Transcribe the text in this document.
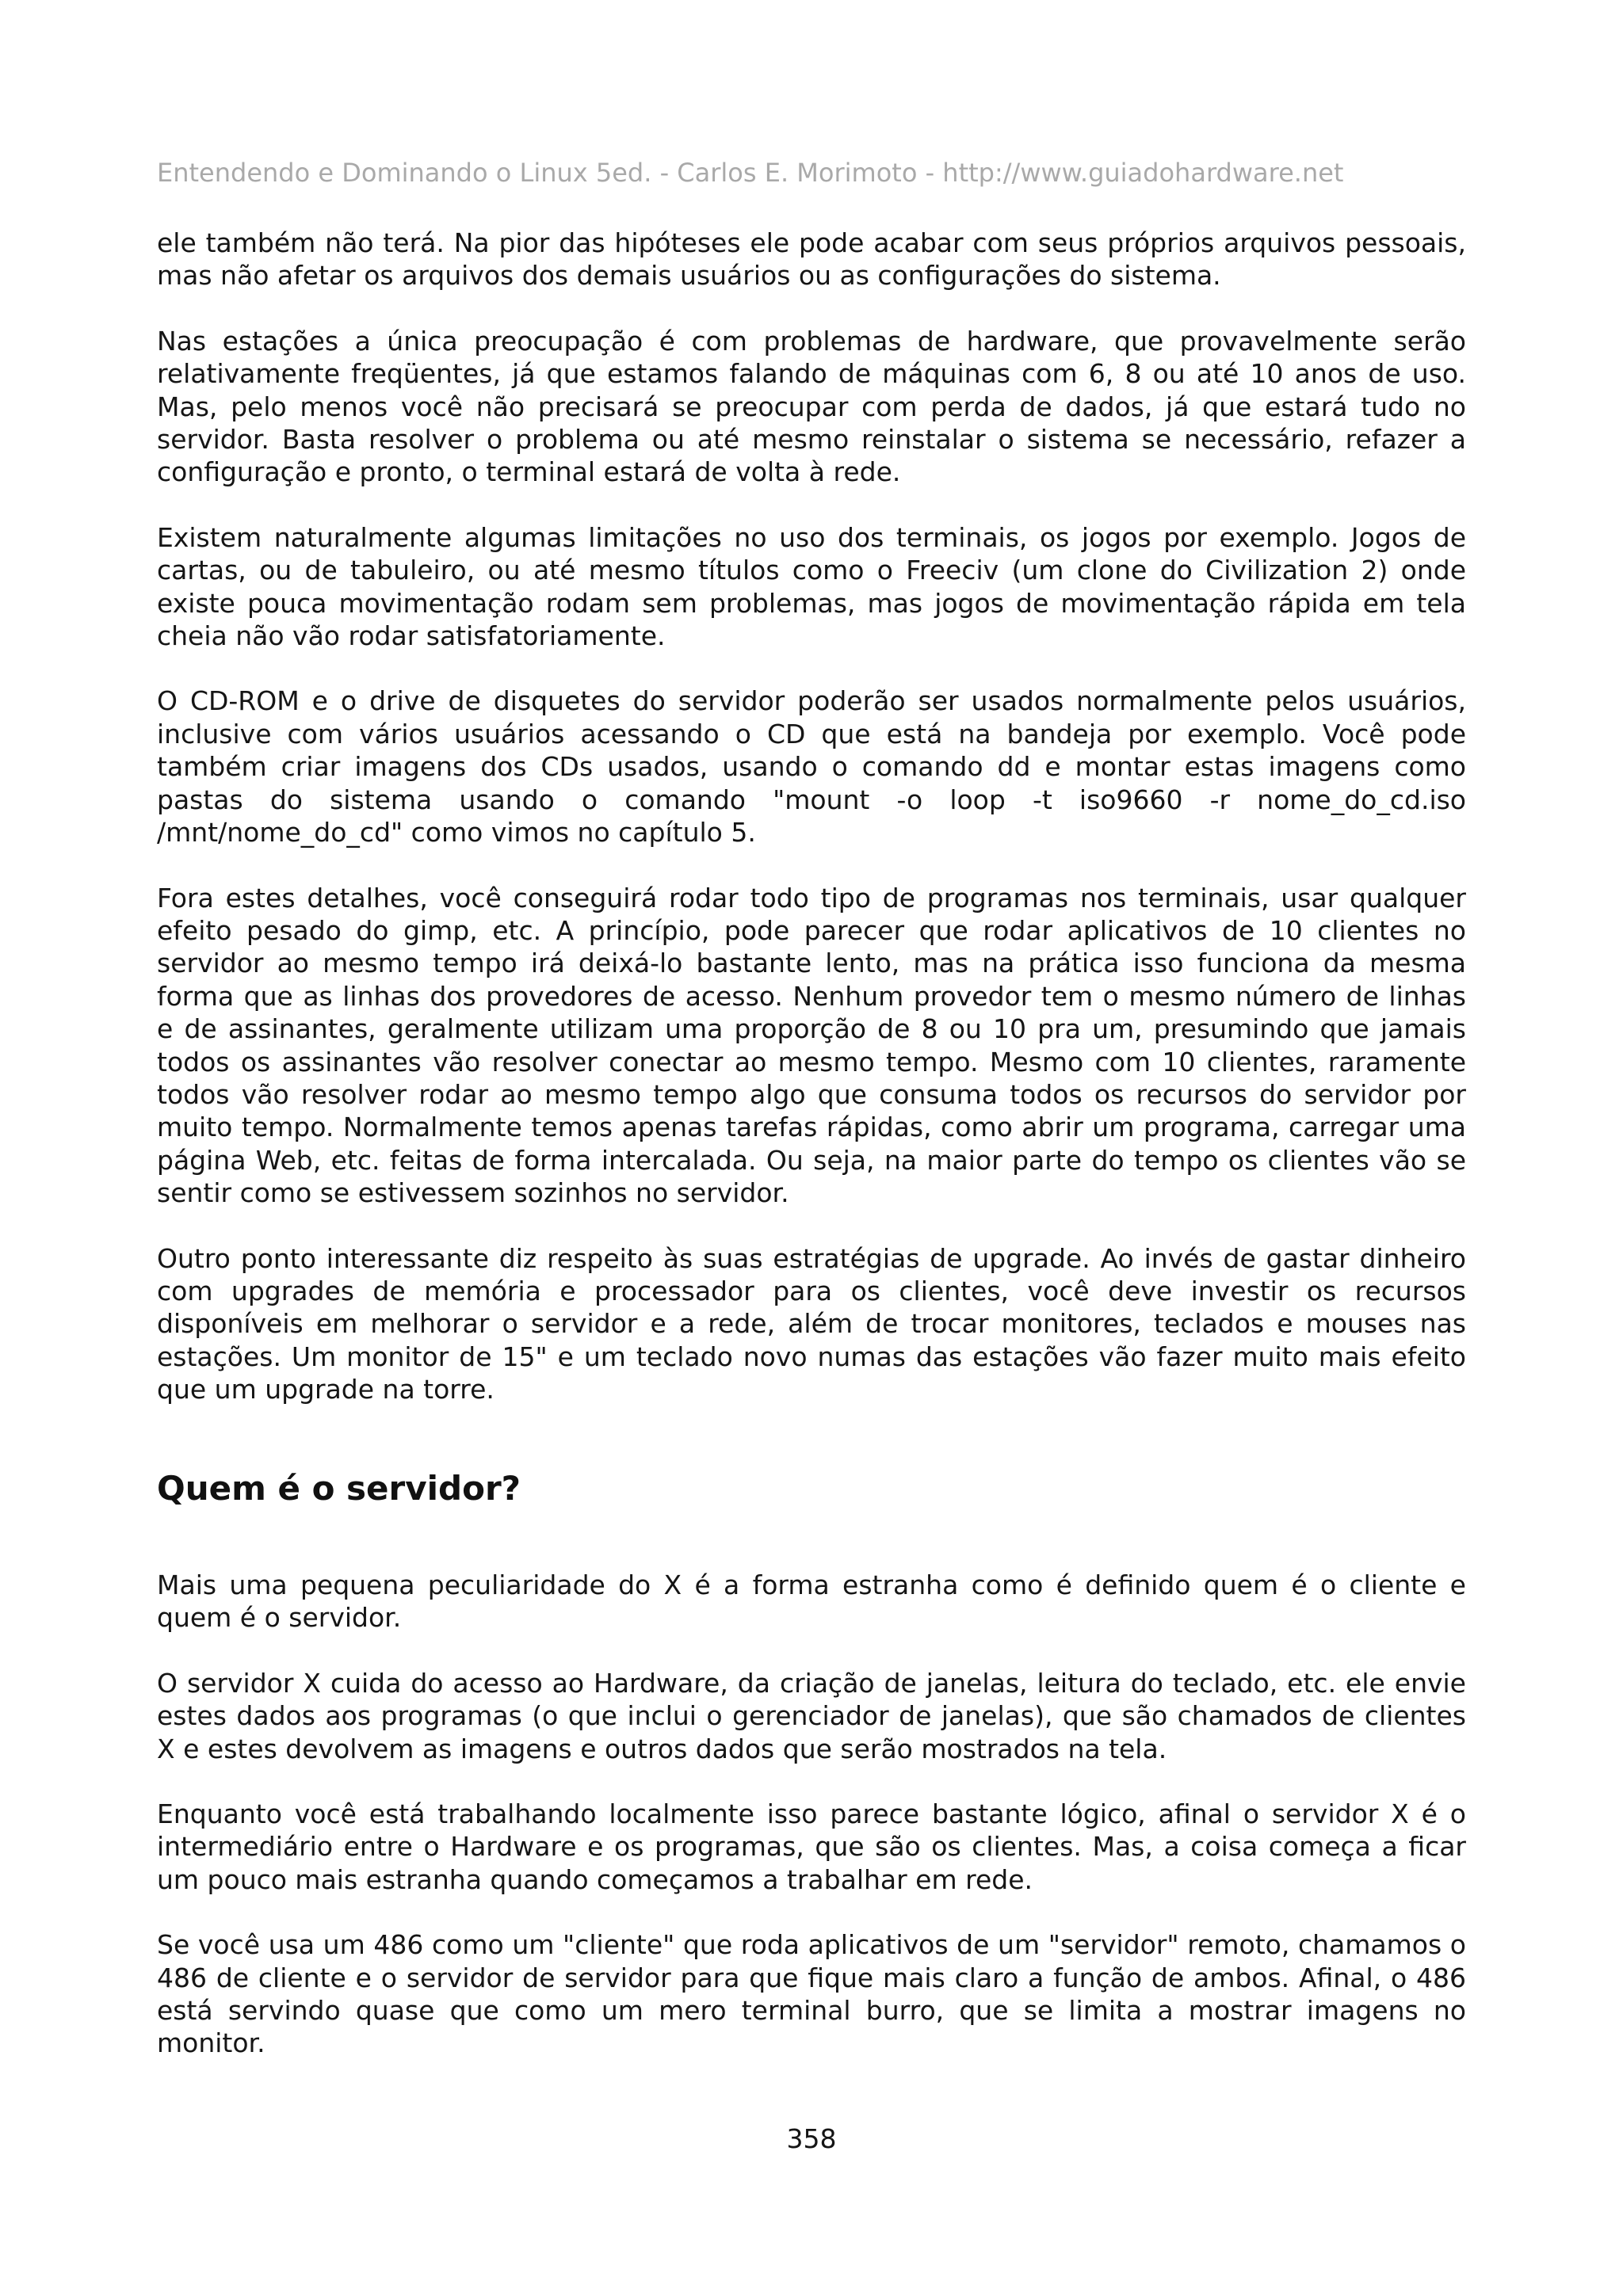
Entendendo e Dominando o Linux 5ed. - Carlos E. Morimoto - http://www.guiadohardware.net

ele também não terá. Na pior das hipóteses ele pode acabar com seus próprios arquivos pessoais, mas não afetar os arquivos dos demais usuários ou as configurações do sistema.

Nas estações a única preocupação é com problemas de hardware, que provavelmente serão relativamente freqüentes, já que estamos falando de máquinas com 6, 8 ou até 10 anos de uso. Mas, pelo menos você não precisará se preocupar com perda de dados, já que estará tudo no servidor. Basta resolver o problema ou até mesmo reinstalar o sistema se necessário, refazer a configuração e pronto, o terminal estará de volta à rede.

Existem naturalmente algumas limitações no uso dos terminais, os jogos por exemplo. Jogos de cartas, ou de tabuleiro, ou até mesmo títulos como o Freeciv (um clone do Civilization 2) onde existe pouca movimentação rodam sem problemas, mas jogos de movimentação rápida em tela cheia não vão rodar satisfatoriamente.

O CD-ROM e o drive de disquetes do servidor poderão ser usados normalmente pelos usuários, inclusive com vários usuários acessando o CD que está na bandeja por exemplo. Você pode também criar imagens dos CDs usados, usando o comando dd e montar estas imagens como pastas do sistema usando o comando "mount -o loop -t iso9660 -r nome_do_cd.iso /mnt/nome_do_cd" como vimos no capítulo 5.

Fora estes detalhes, você conseguirá rodar todo tipo de programas nos terminais, usar qualquer efeito pesado do gimp, etc. A princípio, pode parecer que rodar aplicativos de 10 clientes no servidor ao mesmo tempo irá deixá-lo bastante lento, mas na prática isso funciona da mesma forma que as linhas dos provedores de acesso. Nenhum provedor tem o mesmo número de linhas e de assinantes, geralmente utilizam uma proporção de 8 ou 10 pra um, presumindo que jamais todos os assinantes vão resolver conectar ao mesmo tempo. Mesmo com 10 clientes, raramente todos vão resolver rodar ao mesmo tempo algo que consuma todos os recursos do servidor por muito tempo. Normalmente temos apenas tarefas rápidas, como abrir um programa, carregar uma página Web, etc. feitas de forma intercalada. Ou seja, na maior parte do tempo os clientes vão se sentir como se estivessem sozinhos no servidor.

Outro ponto interessante diz respeito às suas estratégias de upgrade. Ao invés de gastar dinheiro com upgrades de memória e processador para os clientes, você deve investir os recursos disponíveis em melhorar o servidor e a rede, além de trocar monitores, teclados e mouses nas estações. Um monitor de 15" e um teclado novo numas das estações vão fazer muito mais efeito que um upgrade na torre.

Quem é o servidor?

Mais uma pequena peculiaridade do X é a forma estranha como é definido quem é o cliente e quem é o servidor.

O servidor X cuida do acesso ao Hardware, da criação de janelas, leitura do teclado, etc. ele envie estes dados aos programas (o que inclui o gerenciador de janelas), que são chamados de clientes X e estes devolvem as imagens e outros dados que serão mostrados na tela.

Enquanto você está trabalhando localmente isso parece bastante lógico, afinal o servidor X é o intermediário entre o Hardware e os programas, que são os clientes. Mas, a coisa começa a ficar um pouco mais estranha quando começamos a trabalhar em rede.

Se você usa um 486 como um "cliente" que roda aplicativos de um "servidor" remoto, chamamos o 486 de cliente e o servidor de servidor para que fique mais claro a função de ambos. Afinal, o 486 está servindo quase que como um mero terminal burro, que se limita a mostrar imagens no monitor.

358
